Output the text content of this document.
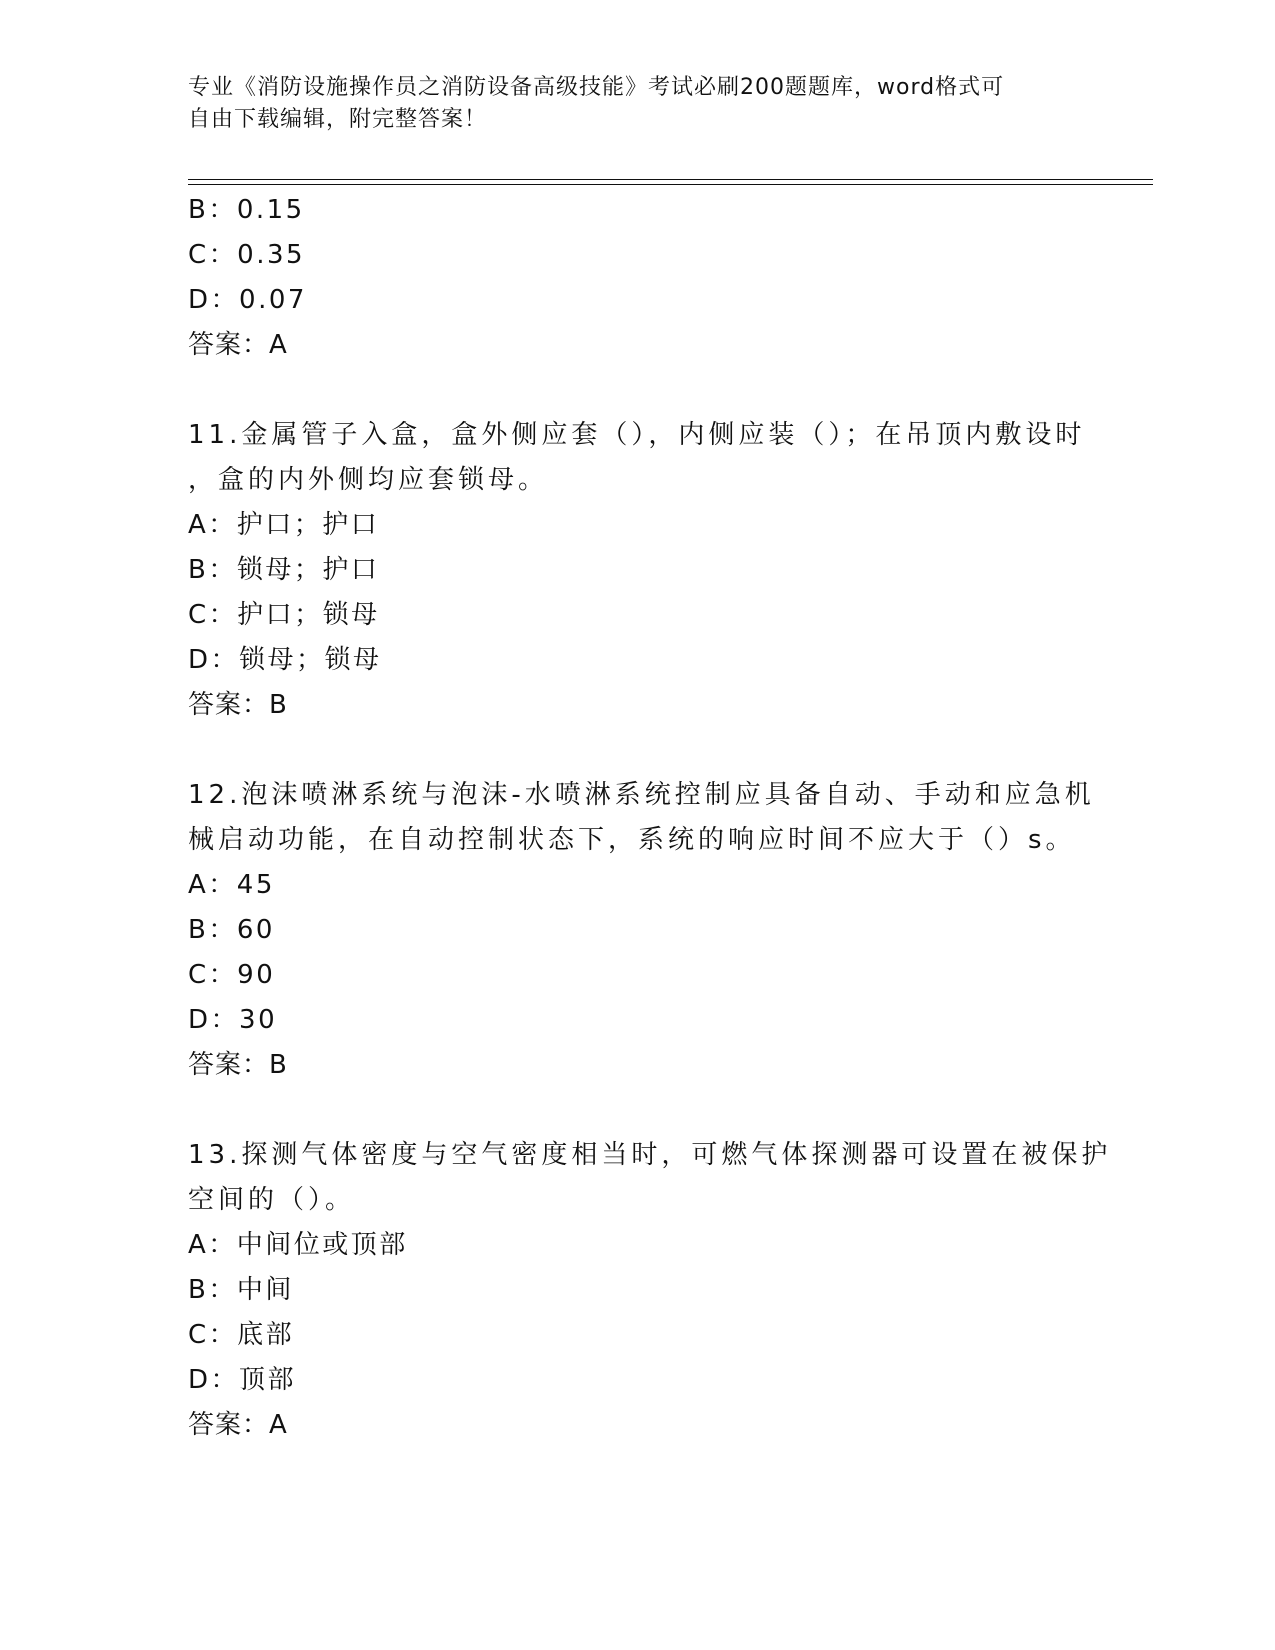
专业《消防设施操作员之消防设备高级技能》考试必刷200题题库，word格式可
自由下载编辑，附完整答案！
B：0.15
C：0.35
D：0.07
答案：A
11.金属管子入盒，盒外侧应套（），内侧应装（）；在吊顶内敷设时
，盒的内外侧均应套锁母。
A：护口；护口
B：锁母；护口
C：护口；锁母
D：锁母；锁母
答案：B
12.泡沫喷淋系统与泡沫-水喷淋系统控制应具备自动、手动和应急机
械启动功能，在自动控制状态下，系统的响应时间不应大于（）s。
A：45
B：60
C：90
D：30
答案：B
13.探测气体密度与空气密度相当时，可燃气体探测器可设置在被保护
空间的（）。
A：中间位或顶部
B：中间
C：底部
D：顶部
答案：A
